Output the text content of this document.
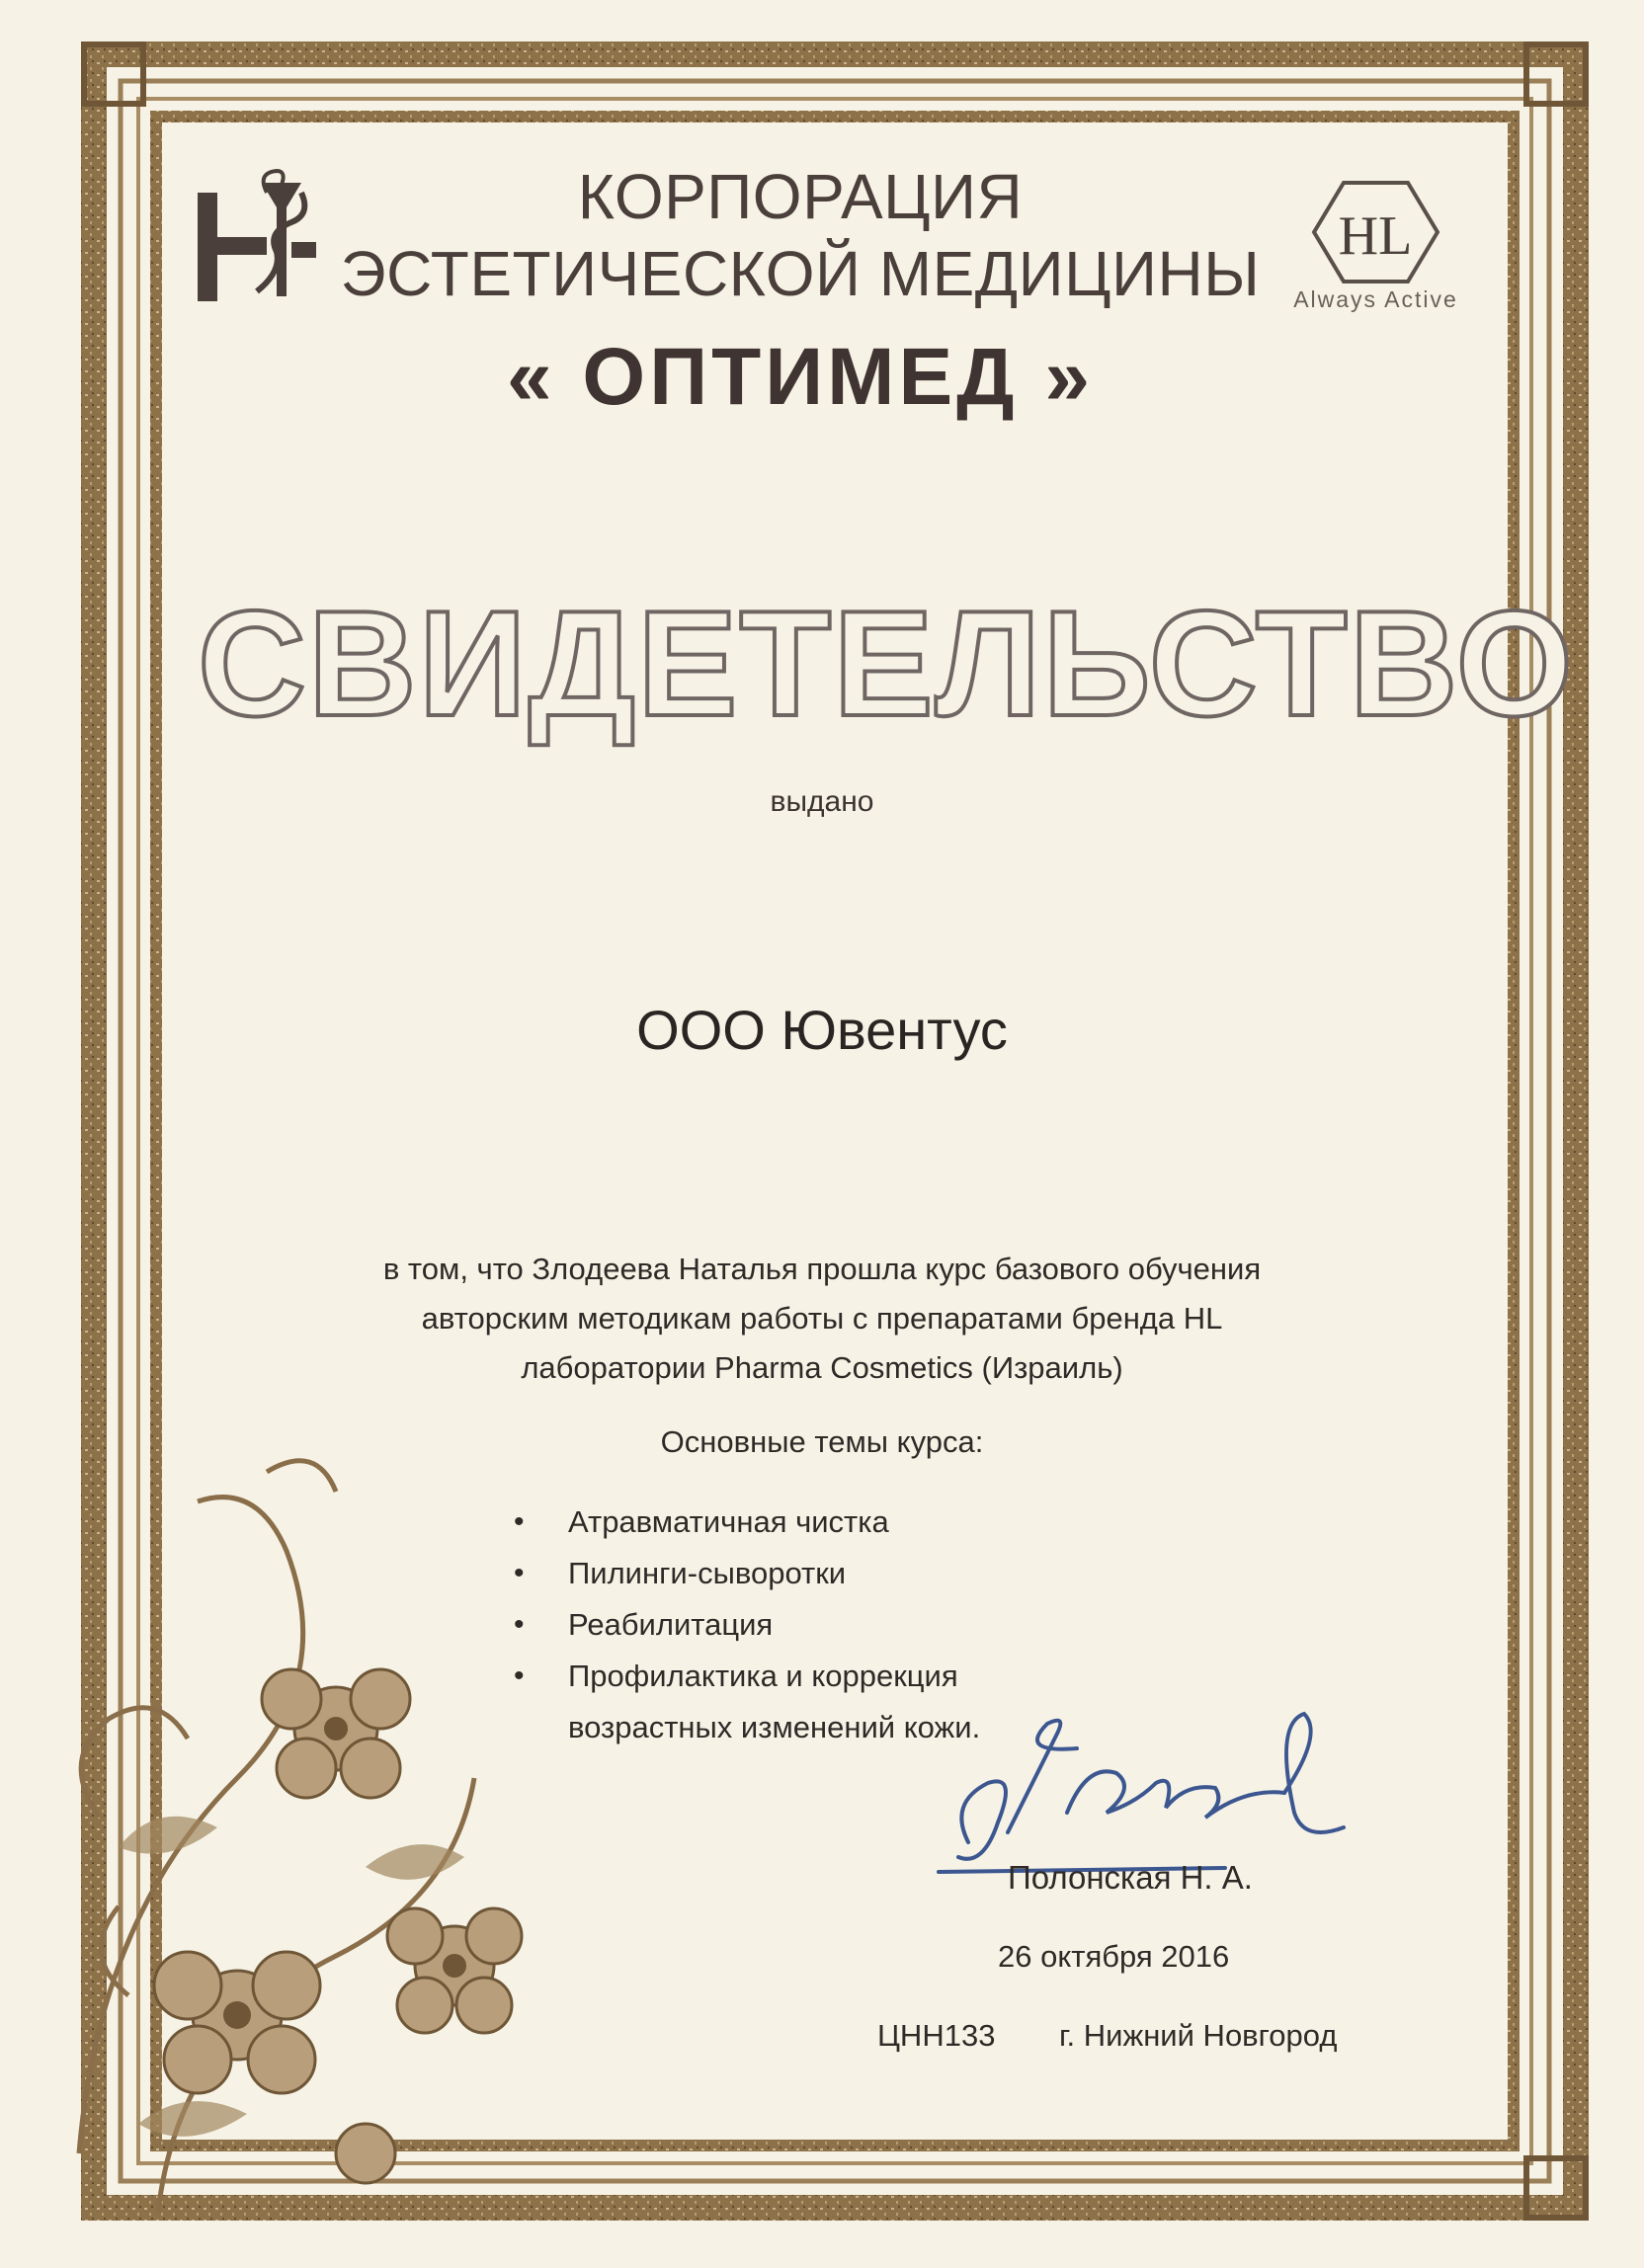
HL
Always Active
КОРПОРАЦИЯ
ЭСТЕТИЧЕСКОЙ МЕДИЦИНЫ
« ОПТИМЕД »
СВИДЕТЕЛЬСТВО
выдано
ООО Ювентус
в том, что Злодеева Наталья прошла курс базового обучения
авторским методикам работы с препаратами бренда HL
лаборатории Pharma Cosmetics (Израиль)
Основные темы курса:
• Атравматичная чистка
• Пилинги-сыворотки
• Реабилитация
• Профилактика и коррекция
возрастных изменений кожи.
Полонская Н. А.
26 октября 2016
ЦНН133 г. Нижний Новгород
